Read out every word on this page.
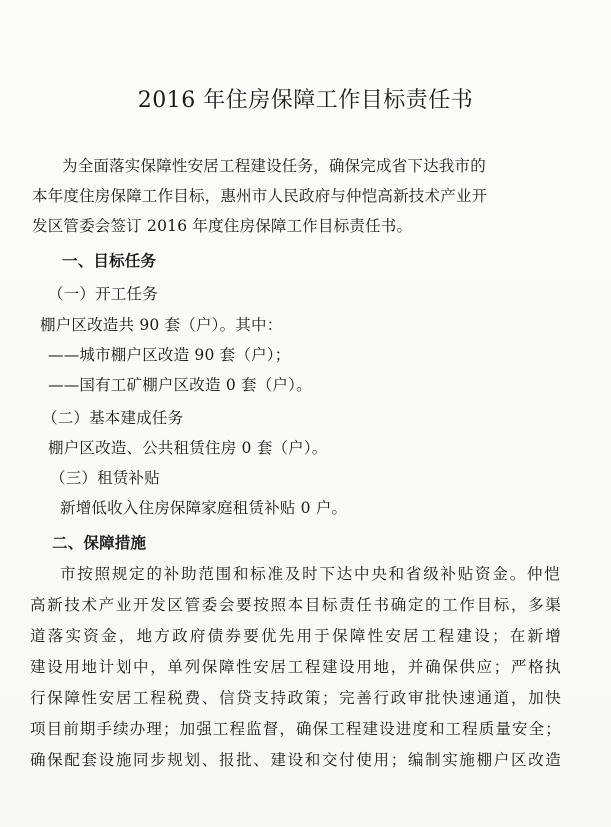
2016 年住房保障工作目标责任书
为全面落实保障性安居工程建设任务，确保完成省下达我市的
本年度住房保障工作目标，惠州市人民政府与仲恺高新技术产业开
发区管委会签订 2016 年度住房保障工作目标责任书。
一、目标任务
（一）开工任务
棚户区改造共 90 套（户）。其中：
——城市棚户区改造 90 套（户）；
——国有工矿棚户区改造 0 套（户）。
（二）基本建成任务
棚户区改造、公共租赁住房 0 套（户）。
（三）租赁补贴
新增低收入住房保障家庭租赁补贴 0 户。
二、保障措施
市按照规定的补助范围和标准及时下达中央和省级补贴资金。仲恺
高新技术产业开发区管委会要按照本目标责任书确定的工作目标，多渠
道落实资金，地方政府债券要优先用于保障性安居工程建设；在新增
建设用地计划中，单列保障性安居工程建设用地，并确保供应；严格执
行保障性安居工程税费、信贷支持政策；完善行政审批快速通道，加快
项目前期手续办理；加强工程监督，确保工程建设进度和工程质量安全；
确保配套设施同步规划、报批、建设和交付使用；编制实施棚户区改造
